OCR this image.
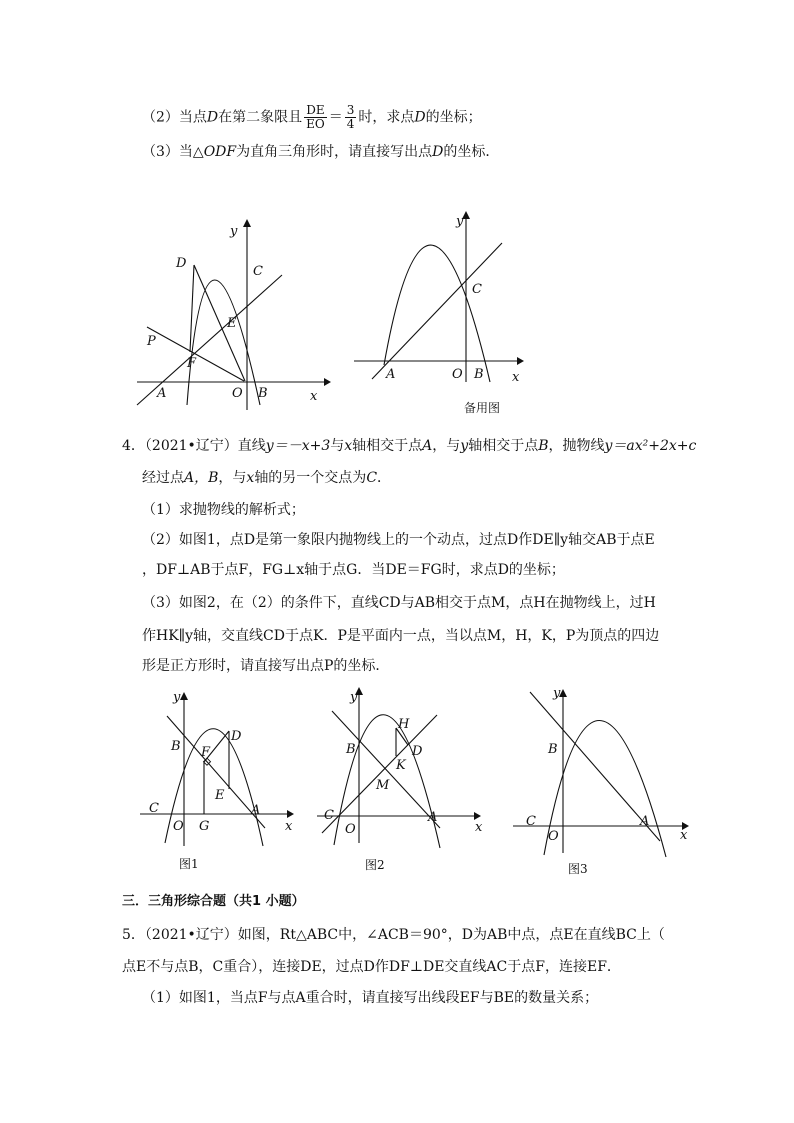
（2）当点D在第二象限且 $\frac{DE}{EO} = \frac{3}{4}$ 时，求点D的坐标；
（3）当△ODF为直角三角形时，请直接写出点D的坐标．
y
x
D
C
E
P
F
A	O B
y
x
C
A	O B
备用图
4．（2021•辽宁）直线y＝－x+3与x轴相交于点A，与y轴相交于点B，抛物线y＝ax²+2x+c
经过点A，B，与x轴的另一个交点为C．
（1）求抛物线的解析式；
（2）如图1，点D是第一象限内抛物线上的一个动点，过点D作DE∥y轴交AB于点E
，DF⊥AB于点F，FG⊥x轴于点G．当DE＝FG时，求点D的坐标；
（3）如图2，在（2）的条件下，直线CD与AB相交于点M，点H在抛物线上，过H
作HK∥y轴，交直线CD于点K．P是平面内一点，当以点M，H，K，P为顶点的四边
形是正方形时，请直接写出点P的坐标．
y
x
B F
D
E
C	A
O G
图1
y
x
H
B	D
K
M
C
O
A
图2
y
x
B
C
O
A
图3
三．三角形综合题（共1 小题）
5．（2021•辽宁）如图，Rt△ABC中，∠ACB＝90°，D为AB中点，点E在直线BC上（
点E不与点B，C重合），连接DE，过点D作DF⊥DE交直线AC于点F，连接EF．
（1）如图1，当点F与点A重合时，请直接写出线段EF与BE的数量关系；
